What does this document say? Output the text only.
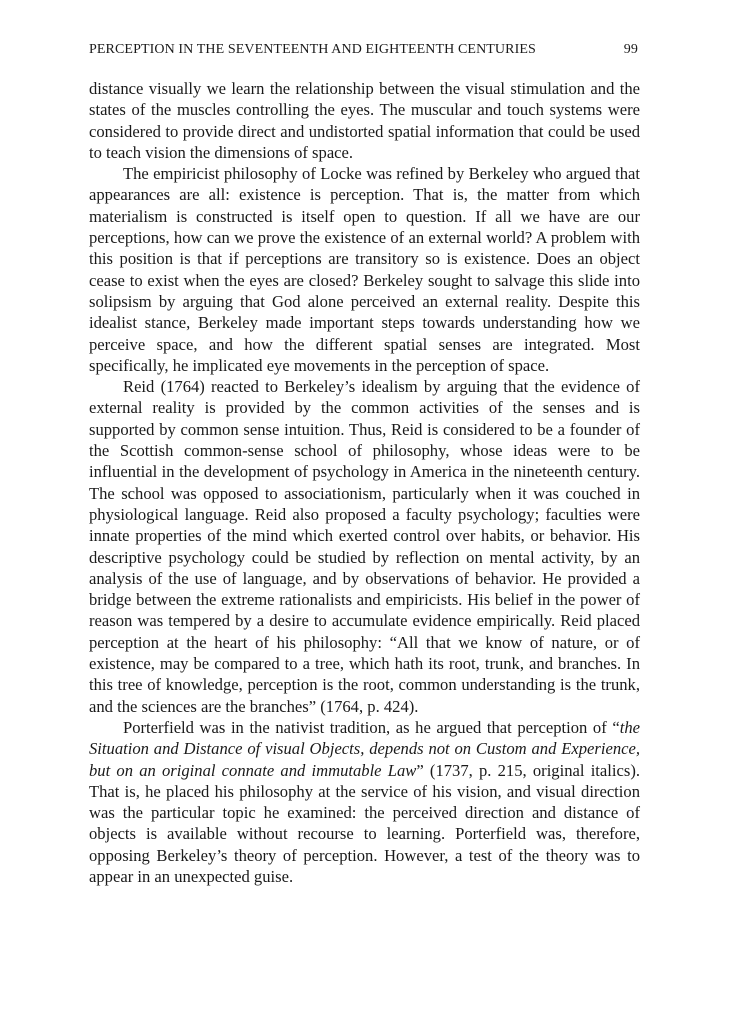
PERCEPTION IN THE SEVENTEENTH AND EIGHTEENTH CENTURIES	99

distance visually we learn the relationship between the visual stimulation and the states of the muscles controlling the eyes. The muscular and touch systems were considered to provide direct and undistorted spatial information that could be used to teach vision the dimensions of space.

The empiricist philosophy of Locke was refined by Berkeley who argued that appearances are all: existence is perception. That is, the matter from which materialism is constructed is itself open to question. If all we have are our perceptions, how can we prove the existence of an external world? A problem with this position is that if perceptions are transitory so is existence. Does an object cease to exist when the eyes are closed? Berkeley sought to salvage this slide into solipsism by arguing that God alone perceived an external reality. Despite this idealist stance, Berkeley made important steps towards understanding how we perceive space, and how the different spatial senses are integrated. Most specifically, he implicated eye movements in the perception of space.

Reid (1764) reacted to Berkeley’s idealism by arguing that the evidence of external reality is provided by the common activities of the senses and is supported by common sense intuition. Thus, Reid is considered to be a founder of the Scottish common-sense school of philosophy, whose ideas were to be influential in the development of psychology in America in the nineteenth century. The school was opposed to associationism, particularly when it was couched in physiological language. Reid also proposed a faculty psychology; faculties were innate properties of the mind which exerted control over habits, or behavior. His descriptive psychology could be studied by reflection on mental activity, by an analysis of the use of language, and by observations of behavior. He provided a bridge between the extreme rationalists and empiricists. His belief in the power of reason was tempered by a desire to accumulate evidence empirically. Reid placed perception at the heart of his philosophy: “All that we know of nature, or of existence, may be compared to a tree, which hath its root, trunk, and branches. In this tree of knowledge, perception is the root, common understanding is the trunk, and the sciences are the branches” (1764, p. 424).

Porterfield was in the nativist tradition, as he argued that perception of “the Situation and Distance of visual Objects, depends not on Custom and Experience, but on an original connate and immutable Law” (1737, p. 215, original italics). That is, he placed his philosophy at the service of his vision, and visual direction was the particular topic he examined: the perceived direction and distance of objects is available without recourse to learning. Porterfield was, therefore, opposing Berkeley’s theory of perception. However, a test of the theory was to appear in an unexpected guise.
